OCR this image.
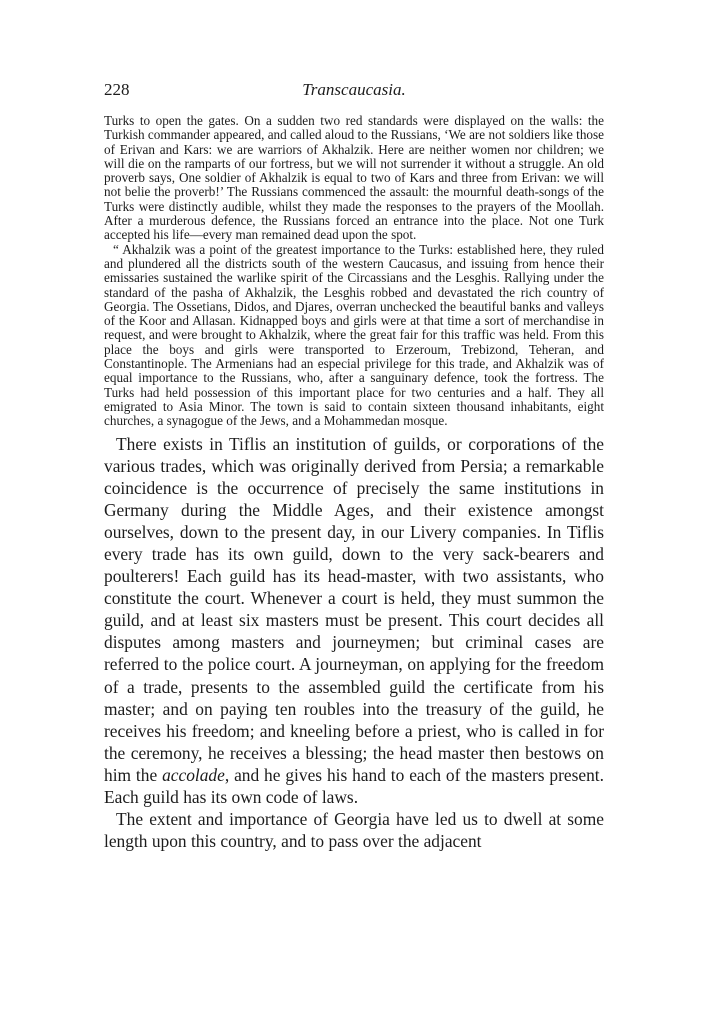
228	Transcaucasia.

Turks to open the gates. On a sudden two red standards were displayed on the walls: the Turkish commander appeared, and called aloud to the Russians, ‘We are not soldiers like those of Erivan and Kars: we are warriors of Akhalzik. Here are neither women nor children; we will die on the ramparts of our fortress, but we will not surrender it without a struggle. An old proverb says, One soldier of Akhalzik is equal to two of Kars and three from Erivan: we will not belie the proverb!’ The Russians commenced the assault: the mournful death-songs of the Turks were distinctly audible, whilst they made the responses to the prayers of the Moollah. After a murderous defence, the Russians forced an entrance into the place. Not one Turk accepted his life—every man remained dead upon the spot.

“ Akhalzik was a point of the greatest importance to the Turks: established here, they ruled and plundered all the districts south of the western Caucasus, and issuing from hence their emissaries sustained the warlike spirit of the Circassians and the Lesghis. Rallying under the standard of the pasha of Akhalzik, the Lesghis robbed and devastated the rich country of Georgia. The Ossetians, Didos, and Djares, overran unchecked the beautiful banks and valleys of the Koor and Allasan. Kidnapped boys and girls were at that time a sort of merchandise in request, and were brought to Akhalzik, where the great fair for this traffic was held. From this place the boys and girls were transported to Erzeroum, Trebizond, Teheran, and Constantinople. The Armenians had an especial privilege for this trade, and Akhalzik was of equal importance to the Russians, who, after a sanguinary defence, took the fortress. The Turks had held possession of this important place for two centuries and a half. They all emigrated to Asia Minor. The town is said to contain sixteen thousand inhabitants, eight churches, a synagogue of the Jews, and a Mohammedan mosque.

There exists in Tiflis an institution of guilds, or corporations of the various trades, which was originally derived from Persia; a remarkable coincidence is the occurrence of precisely the same institutions in Germany during the Middle Ages, and their existence amongst ourselves, down to the present day, in our Livery companies. In Tiflis every trade has its own guild, down to the very sack-bearers and poulterers! Each guild has its head-master, with two assistants, who constitute the court. Whenever a court is held, they must summon the guild, and at least six masters must be present. This court decides all disputes among masters and journeymen; but criminal cases are referred to the police court. A journeyman, on applying for the freedom of a trade, presents to the assembled guild the certificate from his master; and on paying ten roubles into the treasury of the guild, he receives his freedom; and kneeling before a priest, who is called in for the ceremony, he receives a blessing; the head master then bestows on him the accolade, and he gives his hand to each of the masters present. Each guild has its own code of laws.

The extent and importance of Georgia have led us to dwell at some length upon this country, and to pass over the adjacent
